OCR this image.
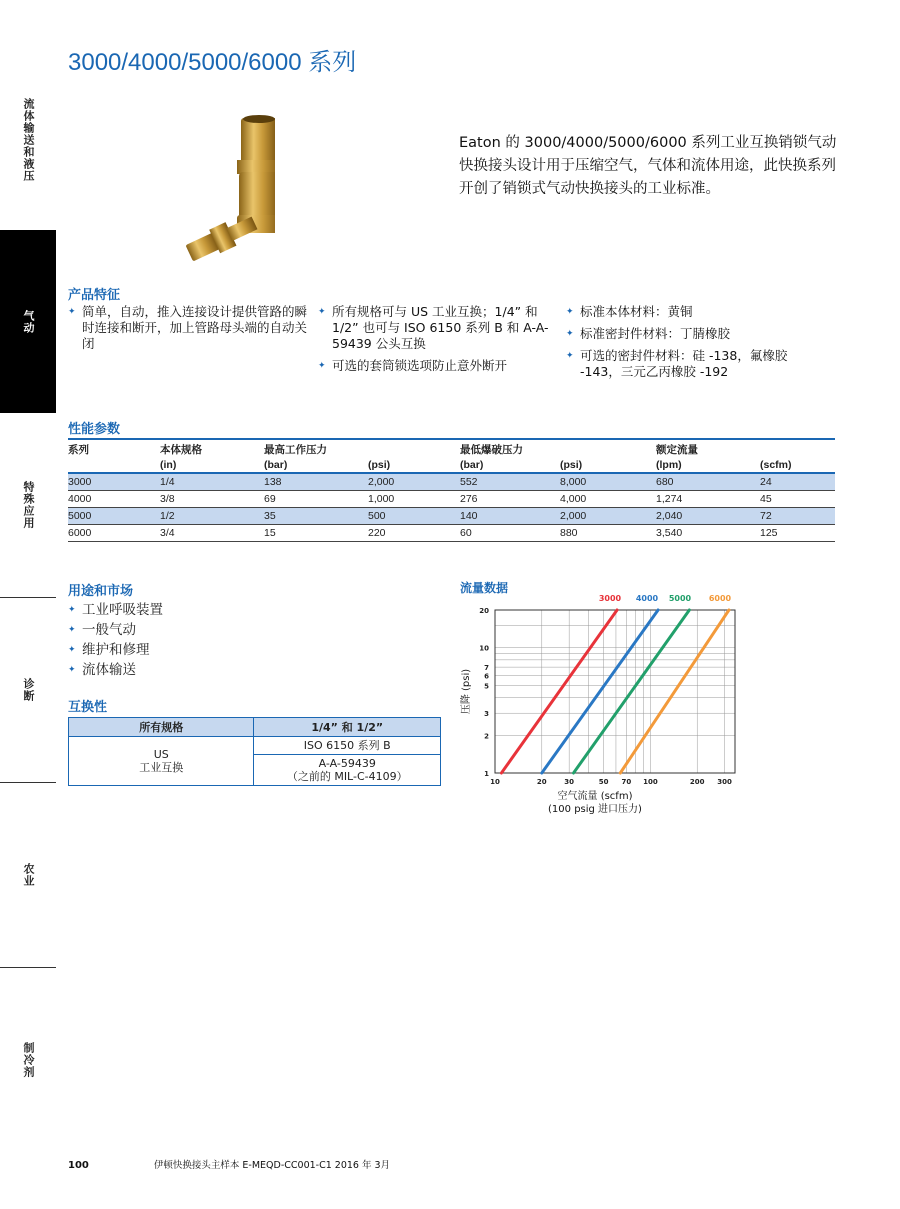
流体输送和液压
气动
特殊应用
诊断
农业
制冷剂
3000/4000/5000/6000 系列

Eaton 的 3000/4000/5000/6000 系列工业互换销锁气动快换接头设计用于压缩空气，气体和流体用途，此快换系列开创了销锁式气动快换接头的工业标准。

产品特征
✦ 简单，自动，推入连接设计提供管路的瞬时连接和断开，加上管路母头端的自动关闭
✦ 所有规格可与 US 工业互换；1/4” 和 1/2” 也可与 ISO 6150 系列 B 和 A-A-59439 公头互换
✦ 可选的套筒锁选项防止意外断开
✦ 标准本体材料：黄铜
✦ 标准密封件材料：丁腈橡胶
✦ 可选的密封件材料：硅 -138，氟橡胶 -143，三元乙丙橡胶 -192
性能参数
系列	本体规格	最高工作压力		最低爆破压力		额定流量	
	(in)	(bar)	(psi)	(bar)	(psi)	(lpm)	(scfm)
3000	1/4	138	2,000	552	8,000	680	24
4000	3/8	69	1,000	276	4,000	1,274	45
5000	1/2	35	500	140	2,000	2,040	72
6000	3/4	15	220	60	880	3,540	125
用途和市场
✦ 工业呼吸装置
✦ 一般气动
✦ 维护和修理
✦ 流体输送
互换性
所有规格	1/4” 和 1/2”

US
工业互换	ISO 6150 系列 B

	A-A-59439
（之前的 MIL-C-4109）
流量数据
10	20	30	50 70 100	200 300
1
2
3
5
6
7
10
20
3000 4000 5000 6000
空气流量 (scfm)
(100 psig 进口压力)
压降 (psi)
100	伊顿快换接头主样本 E-MEQD-CC001-C1 2016 年 3月
